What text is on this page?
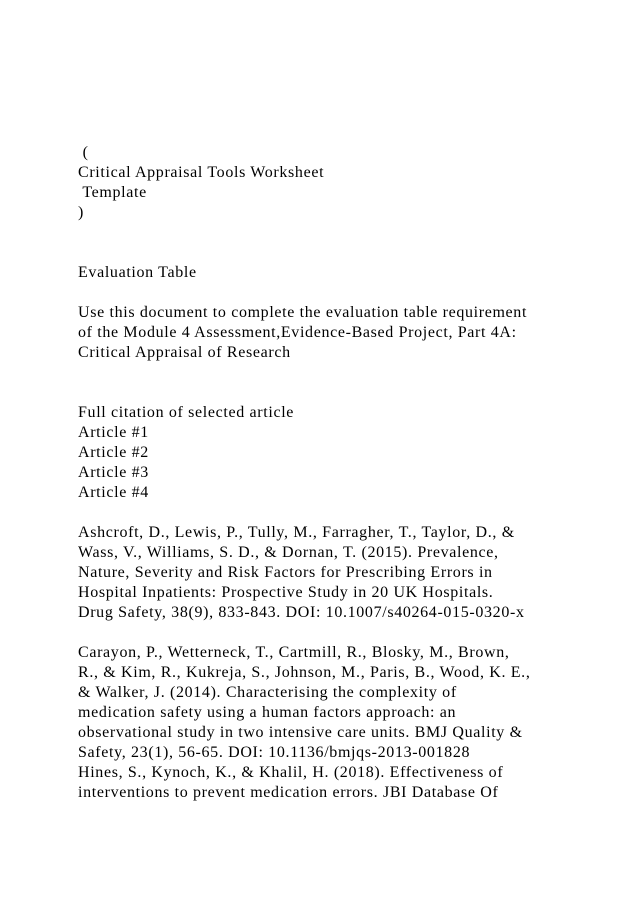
(
Critical Appraisal Tools Worksheet
Template
)
Evaluation Table
Use this document to complete the evaluation table requirement
of the Module 4 Assessment,Evidence-Based Project, Part 4A:
Critical Appraisal of Research
Full citation of selected article
Article #1
Article #2
Article #3
Article #4
Ashcroft, D., Lewis, P., Tully, M., Farragher, T., Taylor, D., &
Wass, V., Williams, S. D., & Dornan, T. (2015). Prevalence,
Nature, Severity and Risk Factors for Prescribing Errors in
Hospital Inpatients: Prospective Study in 20 UK Hospitals.
Drug Safety, 38(9), 833-843. DOI: 10.1007/s40264-015-0320-x
Carayon, P., Wetterneck, T., Cartmill, R., Blosky, M., Brown,
R., & Kim, R., Kukreja, S., Johnson, M., Paris, B., Wood, K. E.,
& Walker, J. (2014). Characterising the complexity of
medication safety using a human factors approach: an
observational study in two intensive care units. BMJ Quality &
Safety, 23(1), 56-65. DOI: 10.1136/bmjqs-2013-001828
Hines, S., Kynoch, K., & Khalil, H. (2018). Effectiveness of
interventions to prevent medication errors. JBI Database Of
